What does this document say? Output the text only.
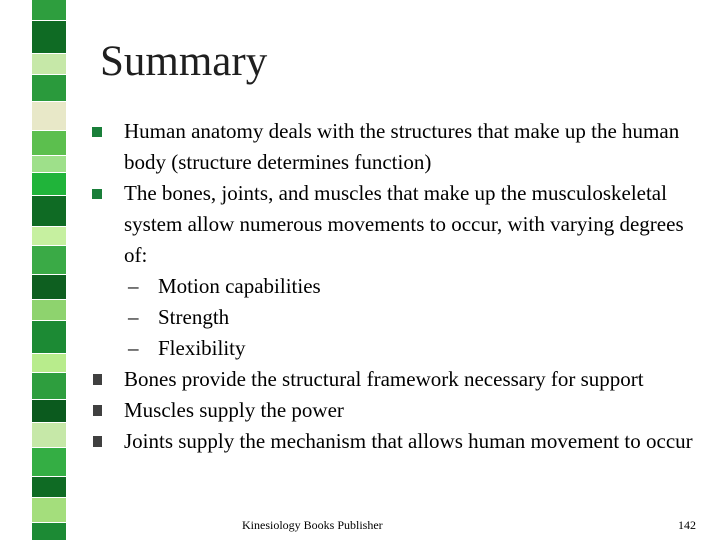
Summary
Human anatomy deals with the structures that make up the human body (structure determines function)
The bones, joints, and muscles that make up the musculoskeletal system allow numerous movements to occur, with varying degrees of:
– Motion capabilities
– Strength
– Flexibility
Bones provide the structural framework necessary for support
Muscles supply the power
Joints supply the mechanism that allows human movement to occur
Kinesiology Books Publisher	142
